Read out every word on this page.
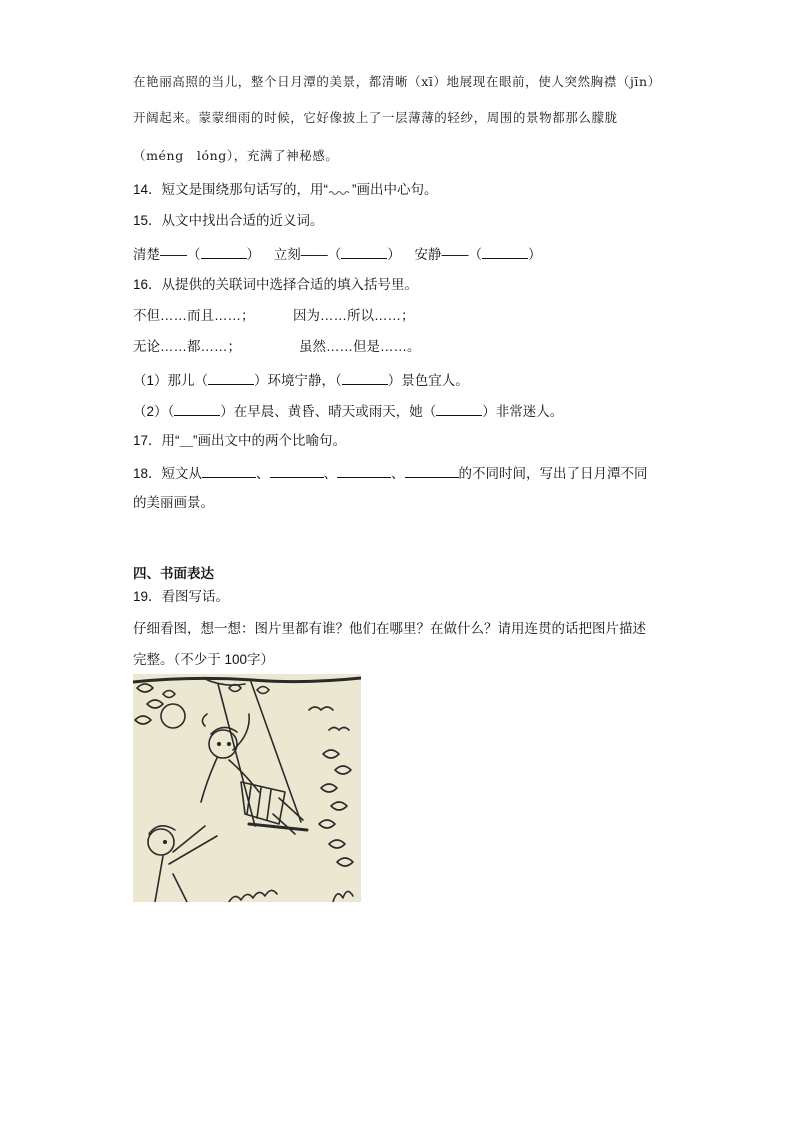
在艳丽高照的当儿，整个日月潭的美景，都清晰（xī）地展现在眼前，使人突然胸襟（jīn）
开阔起来。蒙蒙细雨的时候，它好像披上了一层薄薄的轻纱，周围的景物都那么朦胧
（méng　lóng），充满了神秘感。
14．短文是围绕那句话写的，用“ ”画出中心句。
15．从文中找出合适的近义词。
清楚——（	） 立刻——（	） 安静——（	）
16．从提供的关联词中选择合适的填入括号里。
不但……而且……；	因为……所以……；
无论……都……；	虽然……但是……。
（1）那儿（	）环境宁静，（	）景色宜人。
（2）（	）在早晨、黄昏、晴天或雨天，她（	）非常迷人。
17．用“＿”画出文中的两个比喻句。
18．短文从	、	、	、	的不同时间，写出了日月潭不同
的美丽画景。
四、书面表达
19．看图写话。
仔细看图，想一想：图片里都有谁？他们在哪里？在做什么？请用连贯的话把图片描述
完整。（不少于 100字）
